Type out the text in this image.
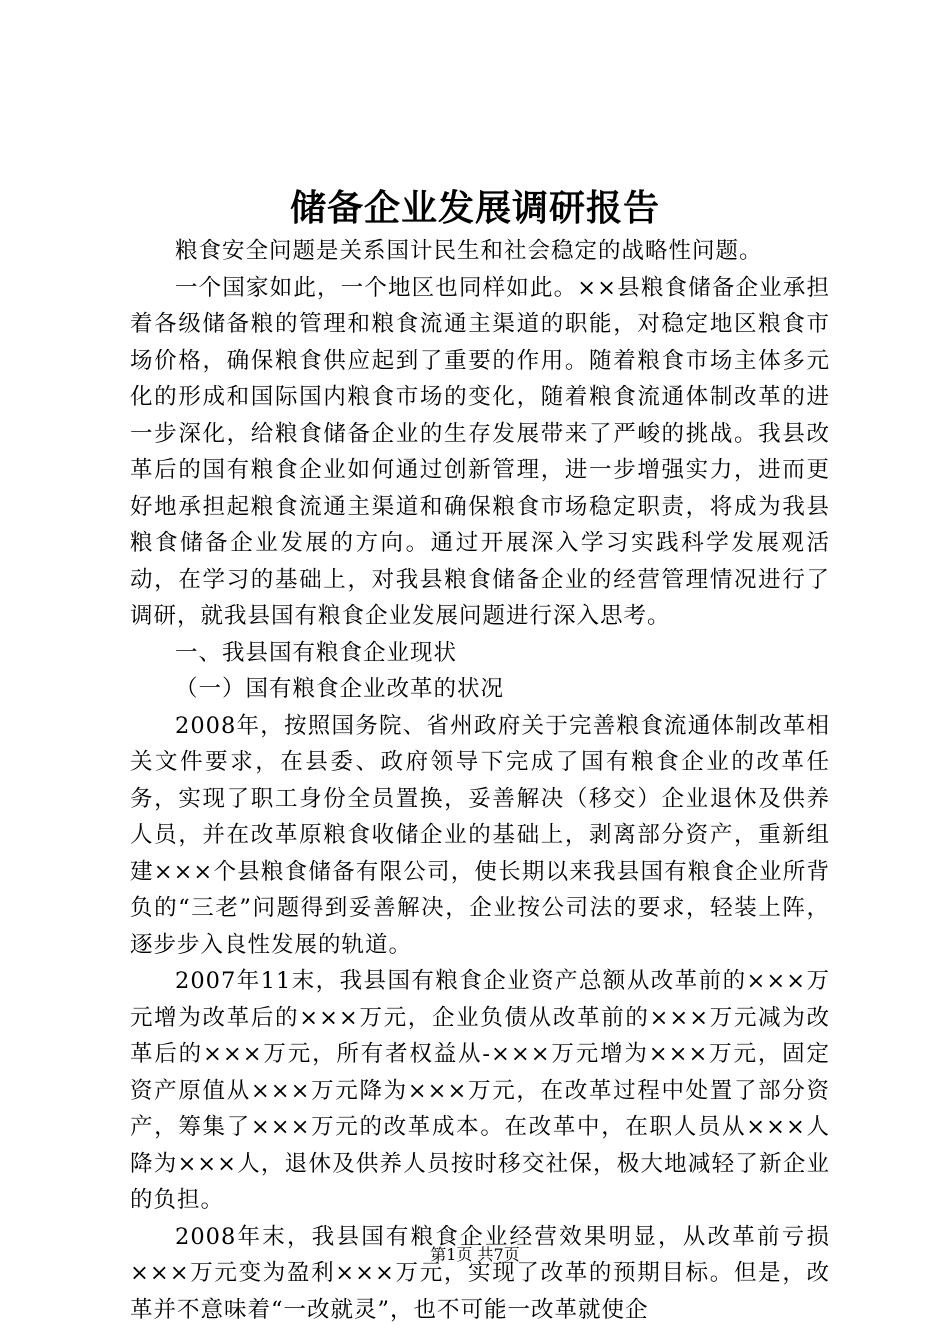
储备企业发展调研报告

粮食安全问题是关系国计民生和社会稳定的战略性问题。

一个国家如此，一个地区也同样如此。××县粮食储备企业承担着各级储备粮的管理和粮食流通主渠道的职能，对稳定地区粮食市场价格，确保粮食供应起到了重要的作用。随着粮食市场主体多元化的形成和国际国内粮食市场的变化，随着粮食流通体制改革的进一步深化，给粮食储备企业的生存发展带来了严峻的挑战。我县改革后的国有粮食企业如何通过创新管理，进一步增强实力，进而更好地承担起粮食流通主渠道和确保粮食市场稳定职责，将成为我县粮食储备企业发展的方向。通过开展深入学习实践科学发展观活动，在学习的基础上，对我县粮食储备企业的经营管理情况进行了调研，就我县国有粮食企业发展问题进行深入思考。

一、我县国有粮食企业现状

（一）国有粮食企业改革的状况

2008年，按照国务院、省州政府关于完善粮食流通体制改革相关文件要求，在县委、政府领导下完成了国有粮食企业的改革任务，实现了职工身份全员置换，妥善解决（移交）企业退休及供养人员，并在改革原粮食收储企业的基础上，剥离部分资产，重新组建×××个县粮食储备有限公司，使长期以来我县国有粮食企业所背负的“三老”问题得到妥善解决，企业按公司法的要求，轻装上阵，逐步步入良性发展的轨道。

2007年11末，我县国有粮食企业资产总额从改革前的×××万元增为改革后的×××万元，企业负债从改革前的×××万元减为改革后的×××万元，所有者权益从-×××万元增为×××万元，固定资产原值从×××万元降为×××万元，在改革过程中处置了部分资产，筹集了×××万元的改革成本。在改革中，在职人员从×××人降为×××人，退休及供养人员按时移交社保，极大地减轻了新企业的负担。

2008年末，我县国有粮食企业经营效果明显，从改革前亏损×××万元变为盈利×××万元，实现了改革的预期目标。但是，改革并不意味着“一改就灵”，也不可能一改革就使企

第1页 共7页
